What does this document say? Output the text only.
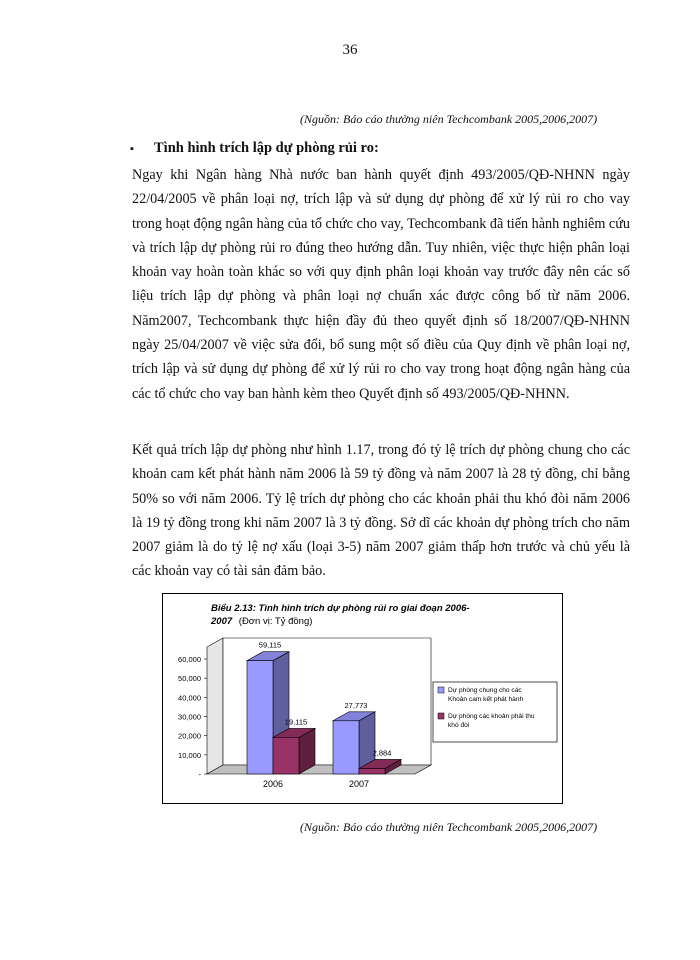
36
(Nguồn: Báo cáo thường niên Techcombank 2005,2006,2007)
▪ Tình hình trích lập dự phòng rủi ro:
Ngay khi Ngân hàng Nhà nước ban hành quyết định 493/2005/QĐ-NHNN ngày 22/04/2005 về phân loại nợ, trích lập và sử dụng dự phòng để xử lý rủi ro cho vay trong hoạt động ngân hàng của tổ chức cho vay, Techcombank đã tiến hành nghiêm cứu và trích lập dự phòng rủi ro đúng theo hướng dẫn. Tuy nhiên, việc thực hiện phân loại khoản vay hoàn toàn khác so với quy định phân loại khoản vay trước đây nên các số liệu trích lập dự phòng và phân loại nợ chuẩn xác được công bố từ năm 2006. Năm2007, Techcombank thực hiện đầy đủ theo quyết định số 18/2007/QĐ-NHNN ngày 25/04/2007 về việc sửa đổi, bổ sung một số điều của Quy định về phân loại nợ, trích lập và sử dụng dự phòng để xử lý rủi ro cho vay trong hoạt động ngân hàng của các tổ chức cho vay ban hành kèm theo Quyết định số 493/2005/QĐ-NHNN.
Kết quả trích lập dự phòng như hình 1.17, trong đó tỷ lệ trích dự phòng chung cho các khoản cam kết phát hành năm 2006 là 59 tỷ đồng và năm 2007 là 28 tỷ đồng, chỉ bằng 50% so với năm 2006. Tỷ lệ trích dự phòng cho các khoản phải thu khó đòi năm 2006 là 19 tỷ đồng trong khi năm 2007 là 3 tỷ đồng. Sở dĩ các khoản dự phòng trích cho năm 2007 giảm là do tỷ lệ nợ xấu (loại 3-5) năm 2007 giảm thấp hơn trước và chủ yếu là các khoản vay có tài sản đảm bảo.
Biểu 2.13: Tình hình trích dự phòng rủi ro giai đoạn 2006-
2007 (Đơn vị: Tỷ đồng)
-
10,000
20,000
30,000
40,000
50,000
60,000
59,115
19,115
2006
27,773
2,884
2007
Dự phòng chung cho các
Khoản cam kết phát hành
Dự phòng các khoản phải thu
khó đòi
(Nguồn: Báo cáo thường niên Techcombank 2005,2006,2007)
